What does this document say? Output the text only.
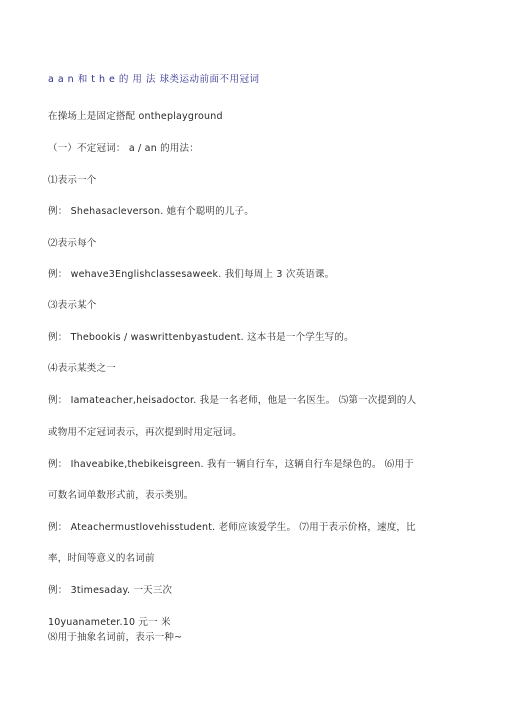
a a n 和 t h e 的 用 法 球类运动前面不用冠词
在操场上是固定搭配 ontheplayground
（一）不定冠词： a / an 的用法：
⑴表示一个
例： Shehasacleverson. 她有个聪明的儿子。
⑵表示每个
例： wehave3Englishclassesaweek. 我们每周上 3 次英语课。
⑶表示某个
例： Thebookis / waswrittenbyastudent. 这本书是一个学生写的。
⑷表示某类之一
例： Iamateacher,heisadoctor. 我是一名老师，他是一名医生。 ⑸第一次提到的人
或物用不定冠词表示，再次提到时用定冠词。
例： Ihaveabike,thebikeisgreen. 我有一辆自行车，这辆自行车是绿色的。 ⑹用于
可数名词单数形式前，表示类别。
例： Ateachermustlovehisstudent. 老师应该爱学生。 ⑺用于表示价格，速度，比
率，时间等意义的名词前
例： 3timesaday. 一天三次
10yuanameter.10 元一 米
⑻用于抽象名词前，表示一种~
